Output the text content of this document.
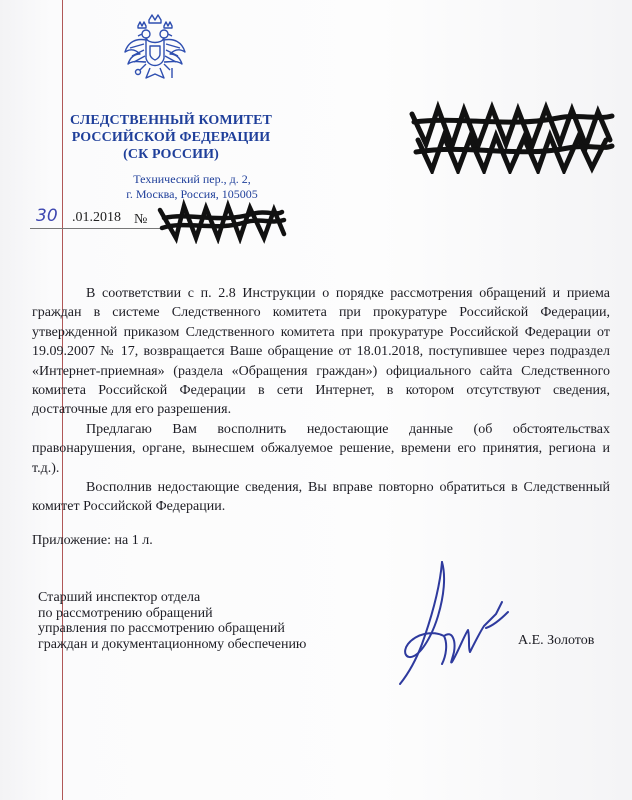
СЛЕДСТВЕННЫЙ КОМИТЕТ
РОССИЙСКОЙ ФЕДЕРАЦИИ
(СК РОССИИ)
Технический пер., д. 2,
г. Москва, Россия, 105005
30 .01.2018 №

В соответствии с п. 2.8 Инструкции о порядке рассмотрения обращений и приема граждан в системе Следственного комитета при прокуратуре Российской Федерации, утвержденной приказом Следственного комитета при прокуратуре Российской Федерации от 19.09.2007 № 17, возвращается Ваше обращение от 18.01.2018, поступившее через подраздел «Интернет-приемная» (раздела «Обращения граждан») официального сайта Следственного комитета Российской Федерации в сети Интернет, в котором отсутствуют сведения, достаточные для его разрешения.

Предлагаю Вам восполнить недостающие данные (об обстоятельствах правонарушения, органе, вынесшем обжалуемое решение, времени его принятия, региона и т.д.).

Восполнив недостающие сведения, Вы вправе повторно обратиться в Следственный комитет Российской Федерации.

Приложение: на 1 л.

Старший инспектор отдела
по рассмотрению обращений
управления по рассмотрению обращений
граждан и документационному обеспечению	А.Е. Золотов
